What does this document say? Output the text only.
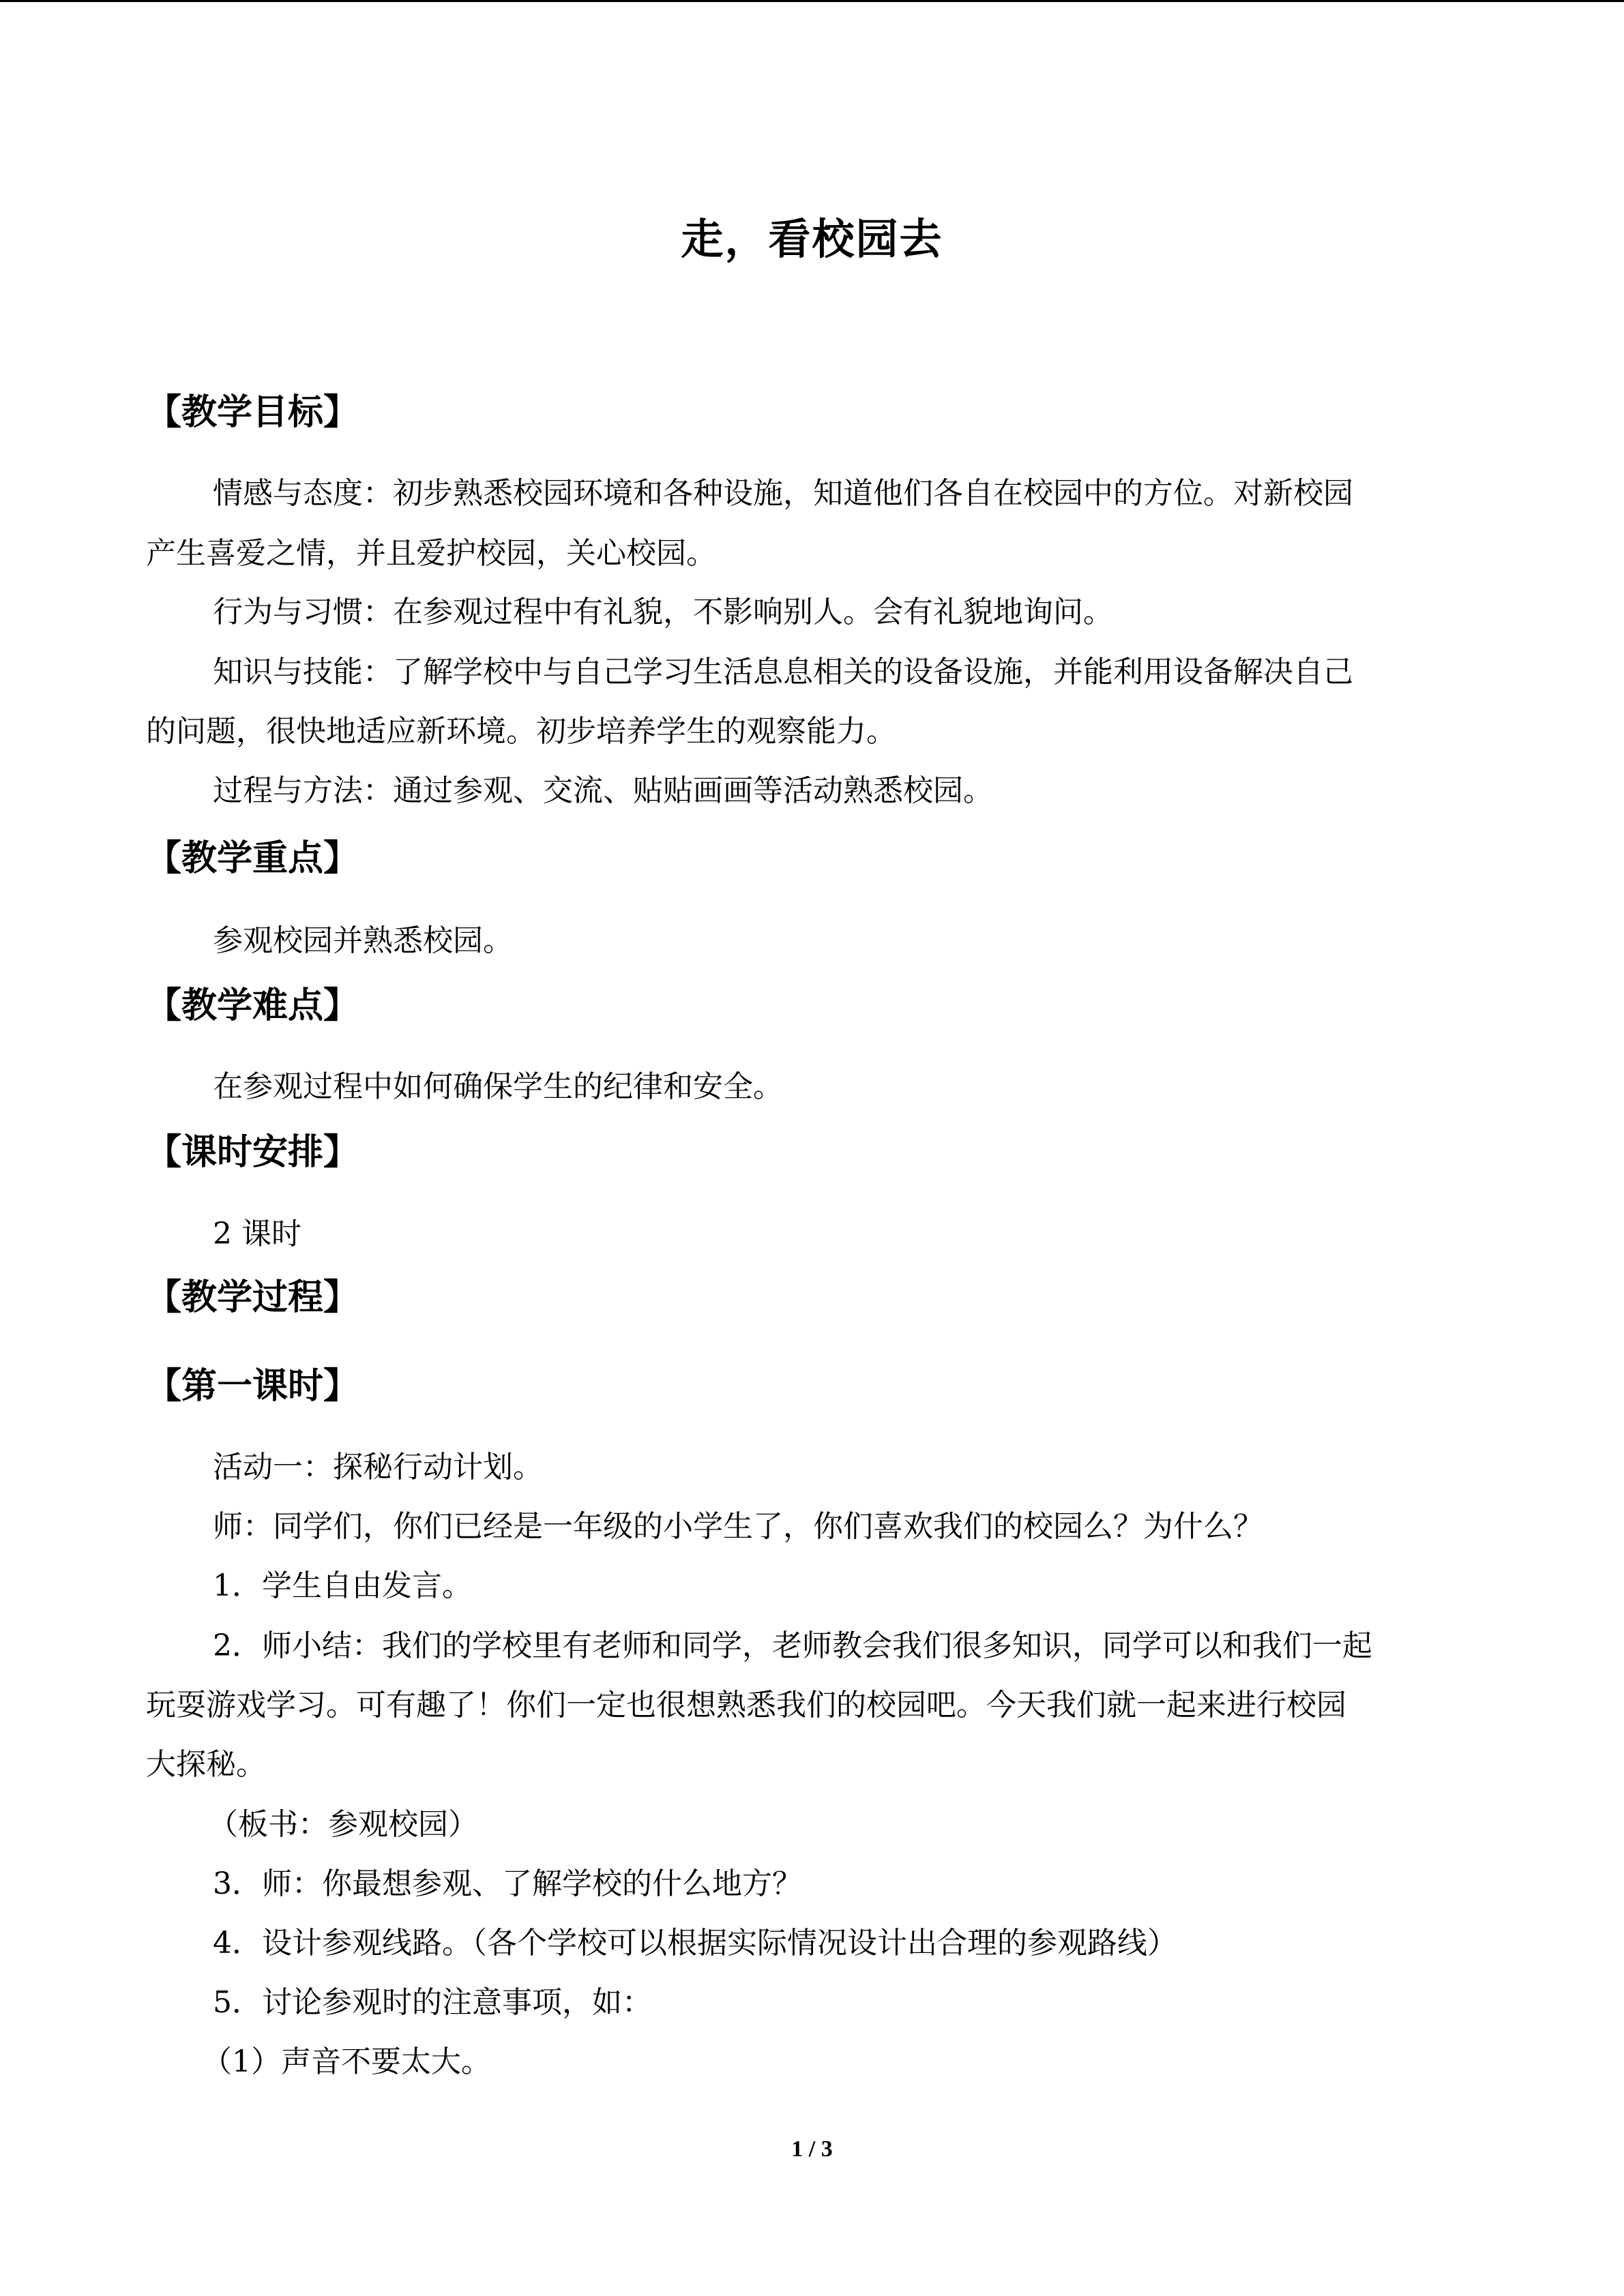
走，看校园去
【教学目标】
情感与态度：初步熟悉校园环境和各种设施，知道他们各自在校园中的方位。对新校园
产生喜爱之情，并且爱护校园，关心校园。
行为与习惯：在参观过程中有礼貌，不影响别人。会有礼貌地询问。
知识与技能：了解学校中与自己学习生活息息相关的设备设施，并能利用设备解决自己
的问题，很快地适应新环境。初步培养学生的观察能力。
过程与方法：通过参观、交流、贴贴画画等活动熟悉校园。
【教学重点】
参观校园并熟悉校园。
【教学难点】
在参观过程中如何确保学生的纪律和安全。
【课时安排】
2 课时
【教学过程】
【第一课时】
活动一：探秘行动计划。
师：同学们，你们已经是一年级的小学生了，你们喜欢我们的校园么？为什么？
1．学生自由发言。
2．师小结：我们的学校里有老师和同学，老师教会我们很多知识，同学可以和我们一起
玩耍游戏学习。可有趣了！你们一定也很想熟悉我们的校园吧。今天我们就一起来进行校园
大探秘。
（板书：参观校园）
3．师：你最想参观、了解学校的什么地方？
4．设计参观线路。（各个学校可以根据实际情况设计出合理的参观路线）
5．讨论参观时的注意事项，如：
（1）声音不要太大。
1 / 3
